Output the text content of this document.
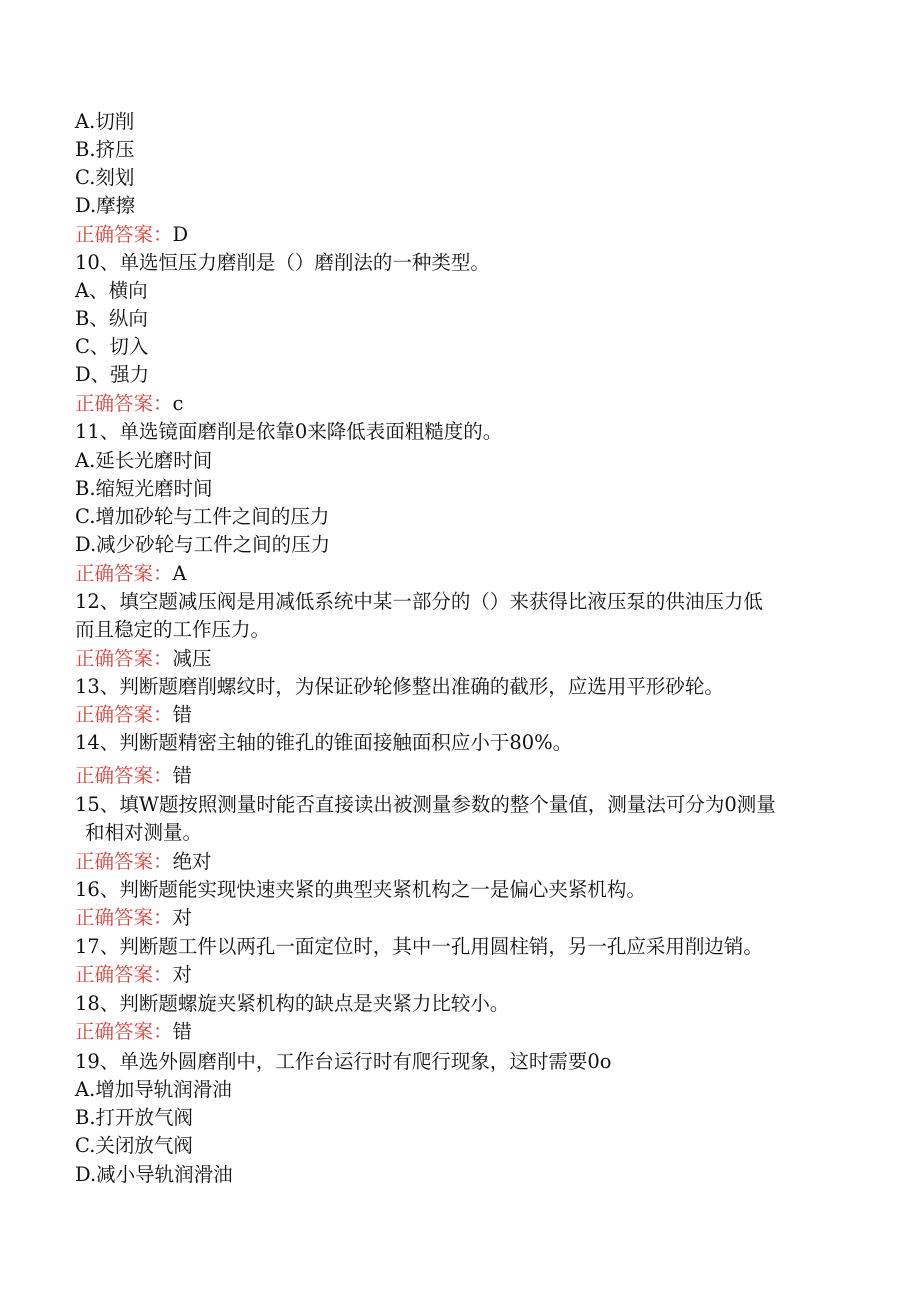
A.切削
B.挤压
C.刻划
D.摩擦
正确答案：D
10、单选恒压力磨削是（）磨削法的一种类型。
A、横向
B、纵向
C、切入
D、强力
正确答案：c
11、单选镜面磨削是依靠0来降低表面粗糙度的。
A.延长光磨时间
B.缩短光磨时间
C.增加砂轮与工件之间的压力
D.减少砂轮与工件之间的压力
正确答案：A
12、填空题减压阀是用减低系统中某一部分的（）来获得比液压泵的供油压力低
而且稳定的工作压力。
正确答案：减压
13、判断题磨削螺纹时，为保证砂轮修整出准确的截形，应选用平形砂轮。
正确答案：错
14、判断题精密主轴的锥孔的锥面接触面积应小于80%。
正确答案：错
15、填W题按照测量时能否直接读出被测量参数的整个量值，测量法可分为0测量
和相对测量。
正确答案：绝对
16、判断题能实现快速夹紧的典型夹紧机构之一是偏心夹紧机构。
正确答案：对
17、判断题工件以两孔一面定位时，其中一孔用圆柱销，另一孔应采用削边销。
正确答案：对
18、判断题螺旋夹紧机构的缺点是夹紧力比较小。
正确答案：错
19、单选外圆磨削中，工作台运行时有爬行现象，这时需要0o
A.增加导轨润滑油
B.打开放气阀
C.关闭放气阀
D.减小导轨润滑油
